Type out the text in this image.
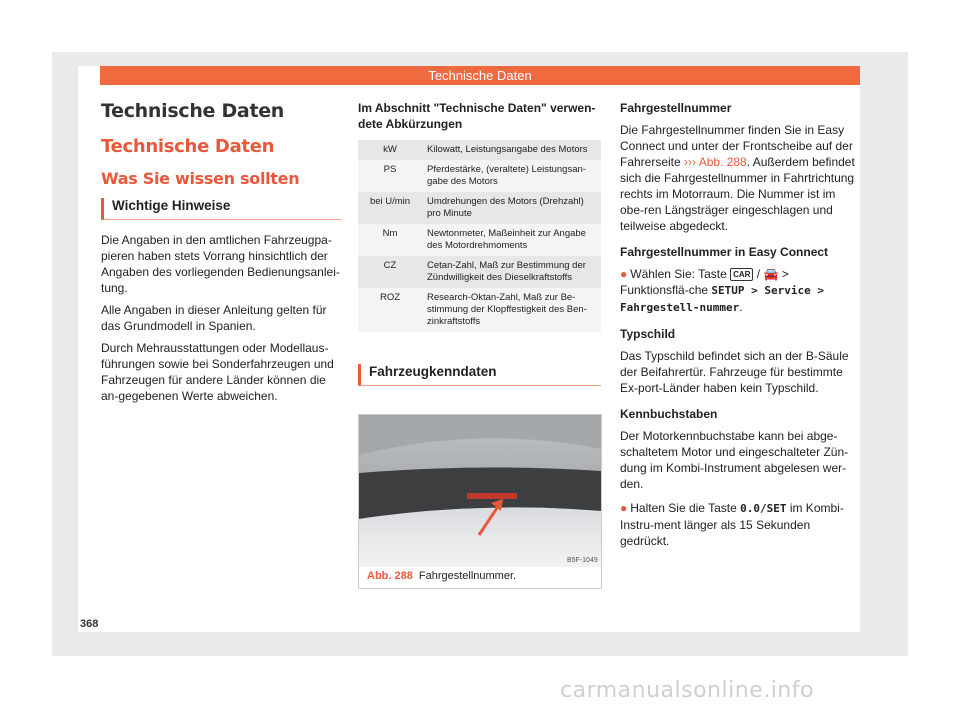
Technische Daten
Technische Daten
Technische Daten
Was Sie wissen sollten
Wichtige Hinweise

Die Angaben in den amtlichen Fahrzeugpa-pieren haben stets Vorrang hinsichtlich der Angaben des vorliegenden Bedienungsanlei-tung.

Alle Angaben in dieser Anleitung gelten für das Grundmodell in Spanien.

Durch Mehrausstattungen oder Modellaus-führungen sowie bei Sonderfahrzeugen und Fahrzeugen für andere Länder können die an-gegebenen Werte abweichen.

Im Abschnitt "Technische Daten" verwen-dete Abkürzungen

kW	Kilowatt, Leistungsangabe des Motors
PS	Pferdestärke, (veraltete) Leistungsan-gabe des Motors
bei U/min	Umdrehungen des Motors (Drehzahl) pro Minute
Nm	Newtonmeter, Maßeinheit zur Angabe des Motordrehmoments
CZ	Cetan-Zahl, Maß zur Bestimmung der Zündwilligkeit des Dieselkraftstoffs
ROZ	Research-Oktan-Zahl, Maß zur Be-stimmung der Klopffestigkeit des Ben-zinkraftstoffs
Fahrzeugkenndaten
B5F-1049
Abb. 288 Fahrgestellnummer.

Fahrgestellnummer

Die Fahrgestellnummer finden Sie in Easy Connect und unter der Frontscheibe auf der Fahrerseite ››› Abb. 288. Außerdem befindet sich die Fahrgestellnummer in Fahrtrichtung rechts im Motorraum. Die Nummer ist im obe-ren Längsträger eingeschlagen und teilweise abgedeckt.

Fahrgestellnummer in Easy Connect

● Wählen Sie: Taste CAR / 🚘 > Funktionsflä-che SETUP > Service > Fahrgestell-nummer.

Typschild

Das Typschild befindet sich an der B-Säule der Beifahrertür. Fahrzeuge für bestimmte Ex-port-Länder haben kein Typschild.

Kennbuchstaben

Der Motorkennbuchstabe kann bei abge-schaltetem Motor und eingeschalteter Zün-dung im Kombi-Instrument abgelesen wer-den.

● Halten Sie die Taste 0.0/SET im Kombi-Instru-ment länger als 15 Sekunden gedrückt.

368
carmanualsonline.info
